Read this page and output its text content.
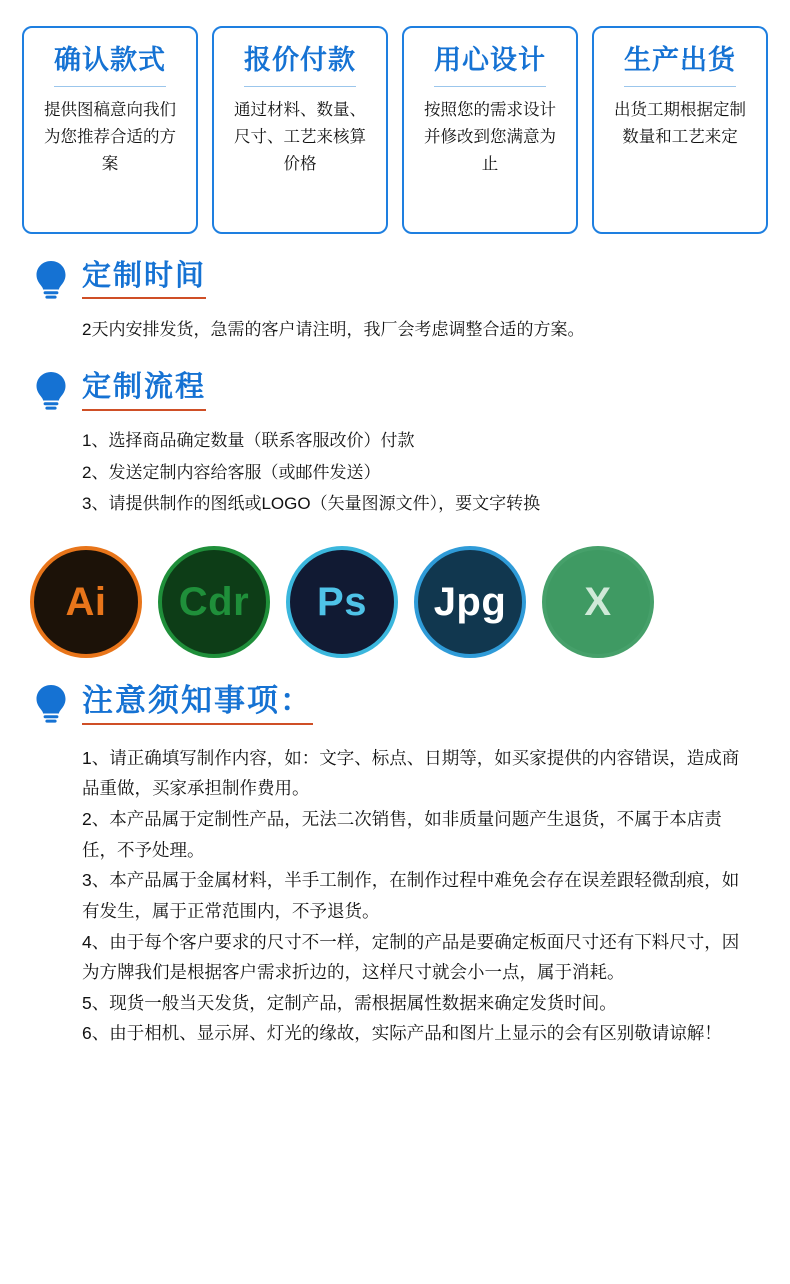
确认款式
提供图稿意向我们为您推荐合适的方案
报价付款
通过材料、数量、尺寸、工艺来核算价格
用心设计
按照您的需求设计并修改到您满意为止
生产出货
出货工期根据定制数量和工艺来定
定制时间
2天内安排发货，急需的客户请注明，我厂会考虑调整合适的方案。
定制流程
1、选择商品确定数量（联系客服改价）付款
2、发送定制内容给客服（或邮件发送）
3、请提供制作的图纸或LOGO（矢量图源文件），要文字转换
Ai Cdr Ps Jpg X
注意须知事项：

1、请正确填写制作内容，如：文字、标点、日期等，如买家提供的内容错误，造成商品重做，买家承担制作费用。

2、本产品属于定制性产品，无法二次销售，如非质量问题产生退货，不属于本店责任，不予处理。

3、本产品属于金属材料，半手工制作，在制作过程中难免会存在误差跟轻微刮痕，如有发生，属于正常范围内，不予退货。

4、由于每个客户要求的尺寸不一样，定制的产品是要确定板面尺寸还有下料尺寸，因为方牌我们是根据客户需求折边的，这样尺寸就会小一点，属于消耗。

5、现货一般当天发货，定制产品，需根据属性数据来确定发货时间。

6、由于相机、显示屏、灯光的缘故，实际产品和图片上显示的会有区别敬请谅解！
